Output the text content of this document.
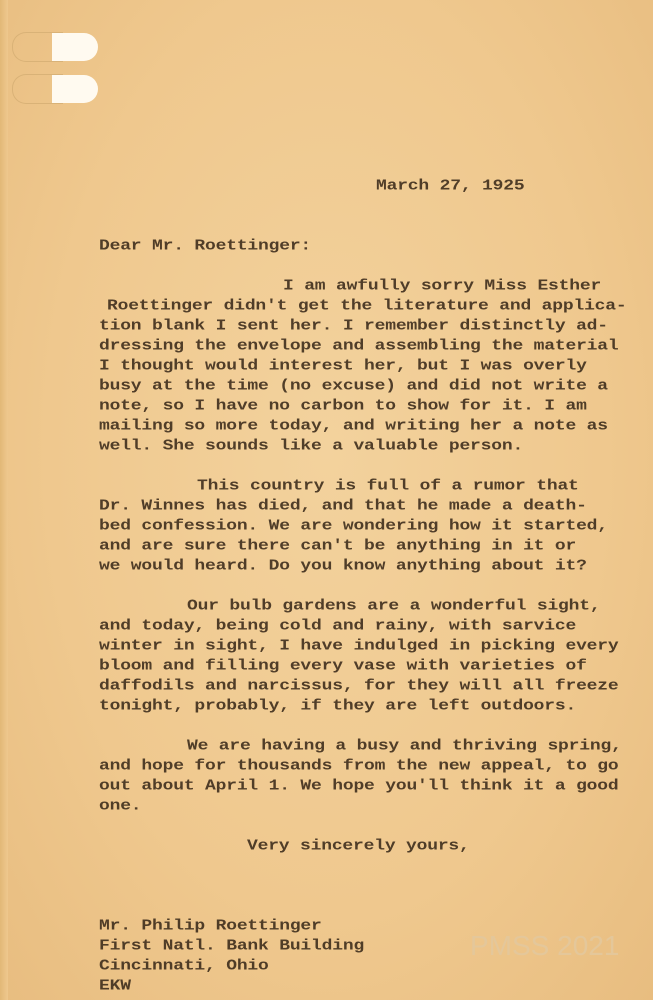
PMSS 2021
March 27, 1925
Dear Mr. Roettinger:
I am awfully sorry Miss Esther
Roettinger didn't get the literature and applica-
tion blank I sent her. I remember distinctly ad-
dressing the envelope and assembling the material
I thought would interest her, but I was overly
busy at the time (no excuse) and did not write a
note, so I have no carbon to show for it. I am
mailing so more today, and writing her a note as
well. She sounds like a valuable person.
This country is full of a rumor that
Dr. Winnes has died, and that he made a death-
bed confession. We are wondering how it started,
and are sure there can't be anything in it or
we would heard. Do you know anything about it?
Our bulb gardens are a wonderful sight,
and today, being cold and rainy, with sarvice
winter in sight, I have indulged in picking every
bloom and filling every vase with varieties of
daffodils and narcissus, for they will all freeze
tonight, probably, if they are left outdoors.
We are having a busy and thriving spring,
and hope for thousands from the new appeal, to go
out about April 1. We hope you'll think it a good
one.
Very sincerely yours,
Mr. Philip Roettinger
First Natl. Bank Building
Cincinnati, Ohio
EKW
